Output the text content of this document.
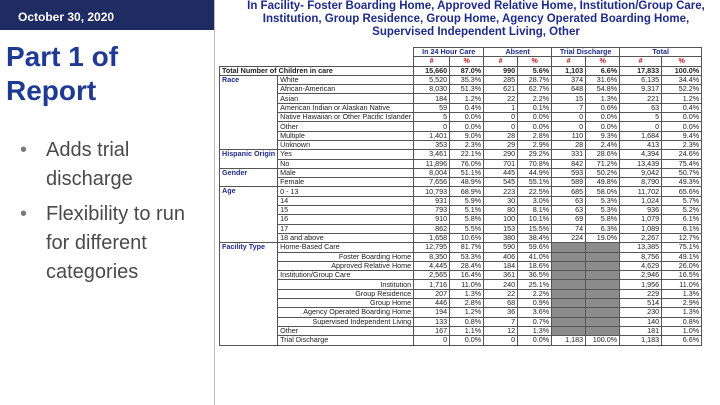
October 30, 2020
Part 1 of
Report
• Adds trial discharge
• Flexibility to run for different categories
In Facility- Foster Boarding Home, Approved Relative Home, Institution/Group Care,
Institution, Group Residence, Group Home, Agency Operated Boarding Home,
Supervised Independent Living, Other
		In 24 Hour Care		Absent		Trial Discharge		Total	
		#	%	#	%	#	%	#	%
Total Number of Children in care		15,660	87.0%	990	5.6%	1,103	6.6%	17,833	100.0%
Race	White	5,520	35.3%	285	28.7%	374	31.6%	6,135	34.4%
	African-American	8,030	51.3%	621	62.7%	648	54.8%	9,317	52.2%
	Asian	184	1.2%	22	2.2%	15	1.3%	221	1.2%
	American Indian or Alaskan Native	59	0.4%	1	0.1%	7	0.6%	63	0.4%
	Native Hawaiian or Other Pacific Islander	5	0.0%	0	0.0%	0	0.0%	5	0.0%
	Other	0	0.0%	0	0.0%	0	0.0%	0	0.0%
	Multiple	1,401	9.0%	28	2.8%	110	9.3%	1,684	9.4%
	Unknown	353	2.3%	29	2.9%	28	2.4%	413	2.3%
Hispanic Origin	Yes	3,461	22.1%	290	29.2%	331	28.6%	4,394	24.6%
	No	11,896	76.0%	701	70.8%	842	71.2%	13,439	75.4%
Gender	Male	8,004	51.1%	445	44.9%	593	50.2%	9,042	50.7%
	Female	7,656	48.9%	545	55.1%	589	49.8%	8,790	49.3%
Age	0 - 13	10,793	68.9%	223	22.5%	685	58.0%	11,702	65.6%
	14	931	5.9%	30	3.0%	63	5.3%	1,024	5.7%
	15	793	5.1%	80	8.1%	63	5.3%	936	5.2%
	16	910	5.8%	100	10.1%	69	5.8%	1,079	6.1%
	17	862	5.5%	153	15.5%	74	6.3%	1,089	6.1%
	18 and above	1,658	10.6%	380	38.4%	224	19.0%	2,267	12.7%
Facility Type	Home-Based Care	12,795	81.7%	590	59.6%			13,385	75.1%
	Foster Boarding Home	8,350	53.3%	406	41.0%			8,756	49.1%
	Approved Relative Home	4,445	28.4%	184	18.6%			4,629	26.0%
	Institution/Group Care	2,565	16.4%	361	36.5%			2,946	16.5%
	Institution	1,716	11.0%	240	25.1%			1,956	11.0%
	Group Residence	207	1.3%	22	2.2%			229	1.3%
	Group Home	446	2.8%	68	0.9%			514	2.9%
	Agency Operated Boarding Home	194	1.2%	36	3.6%			230	1.3%
	Supervised Independent Living	133	0.8%	7	0.7%			140	0.8%
	Other	167	1.1%	12	1.3%			181	1.0%
	Trial Discharge	0	0.0%	0	0.0%	1,183	100.0%	1,183	6.6%
